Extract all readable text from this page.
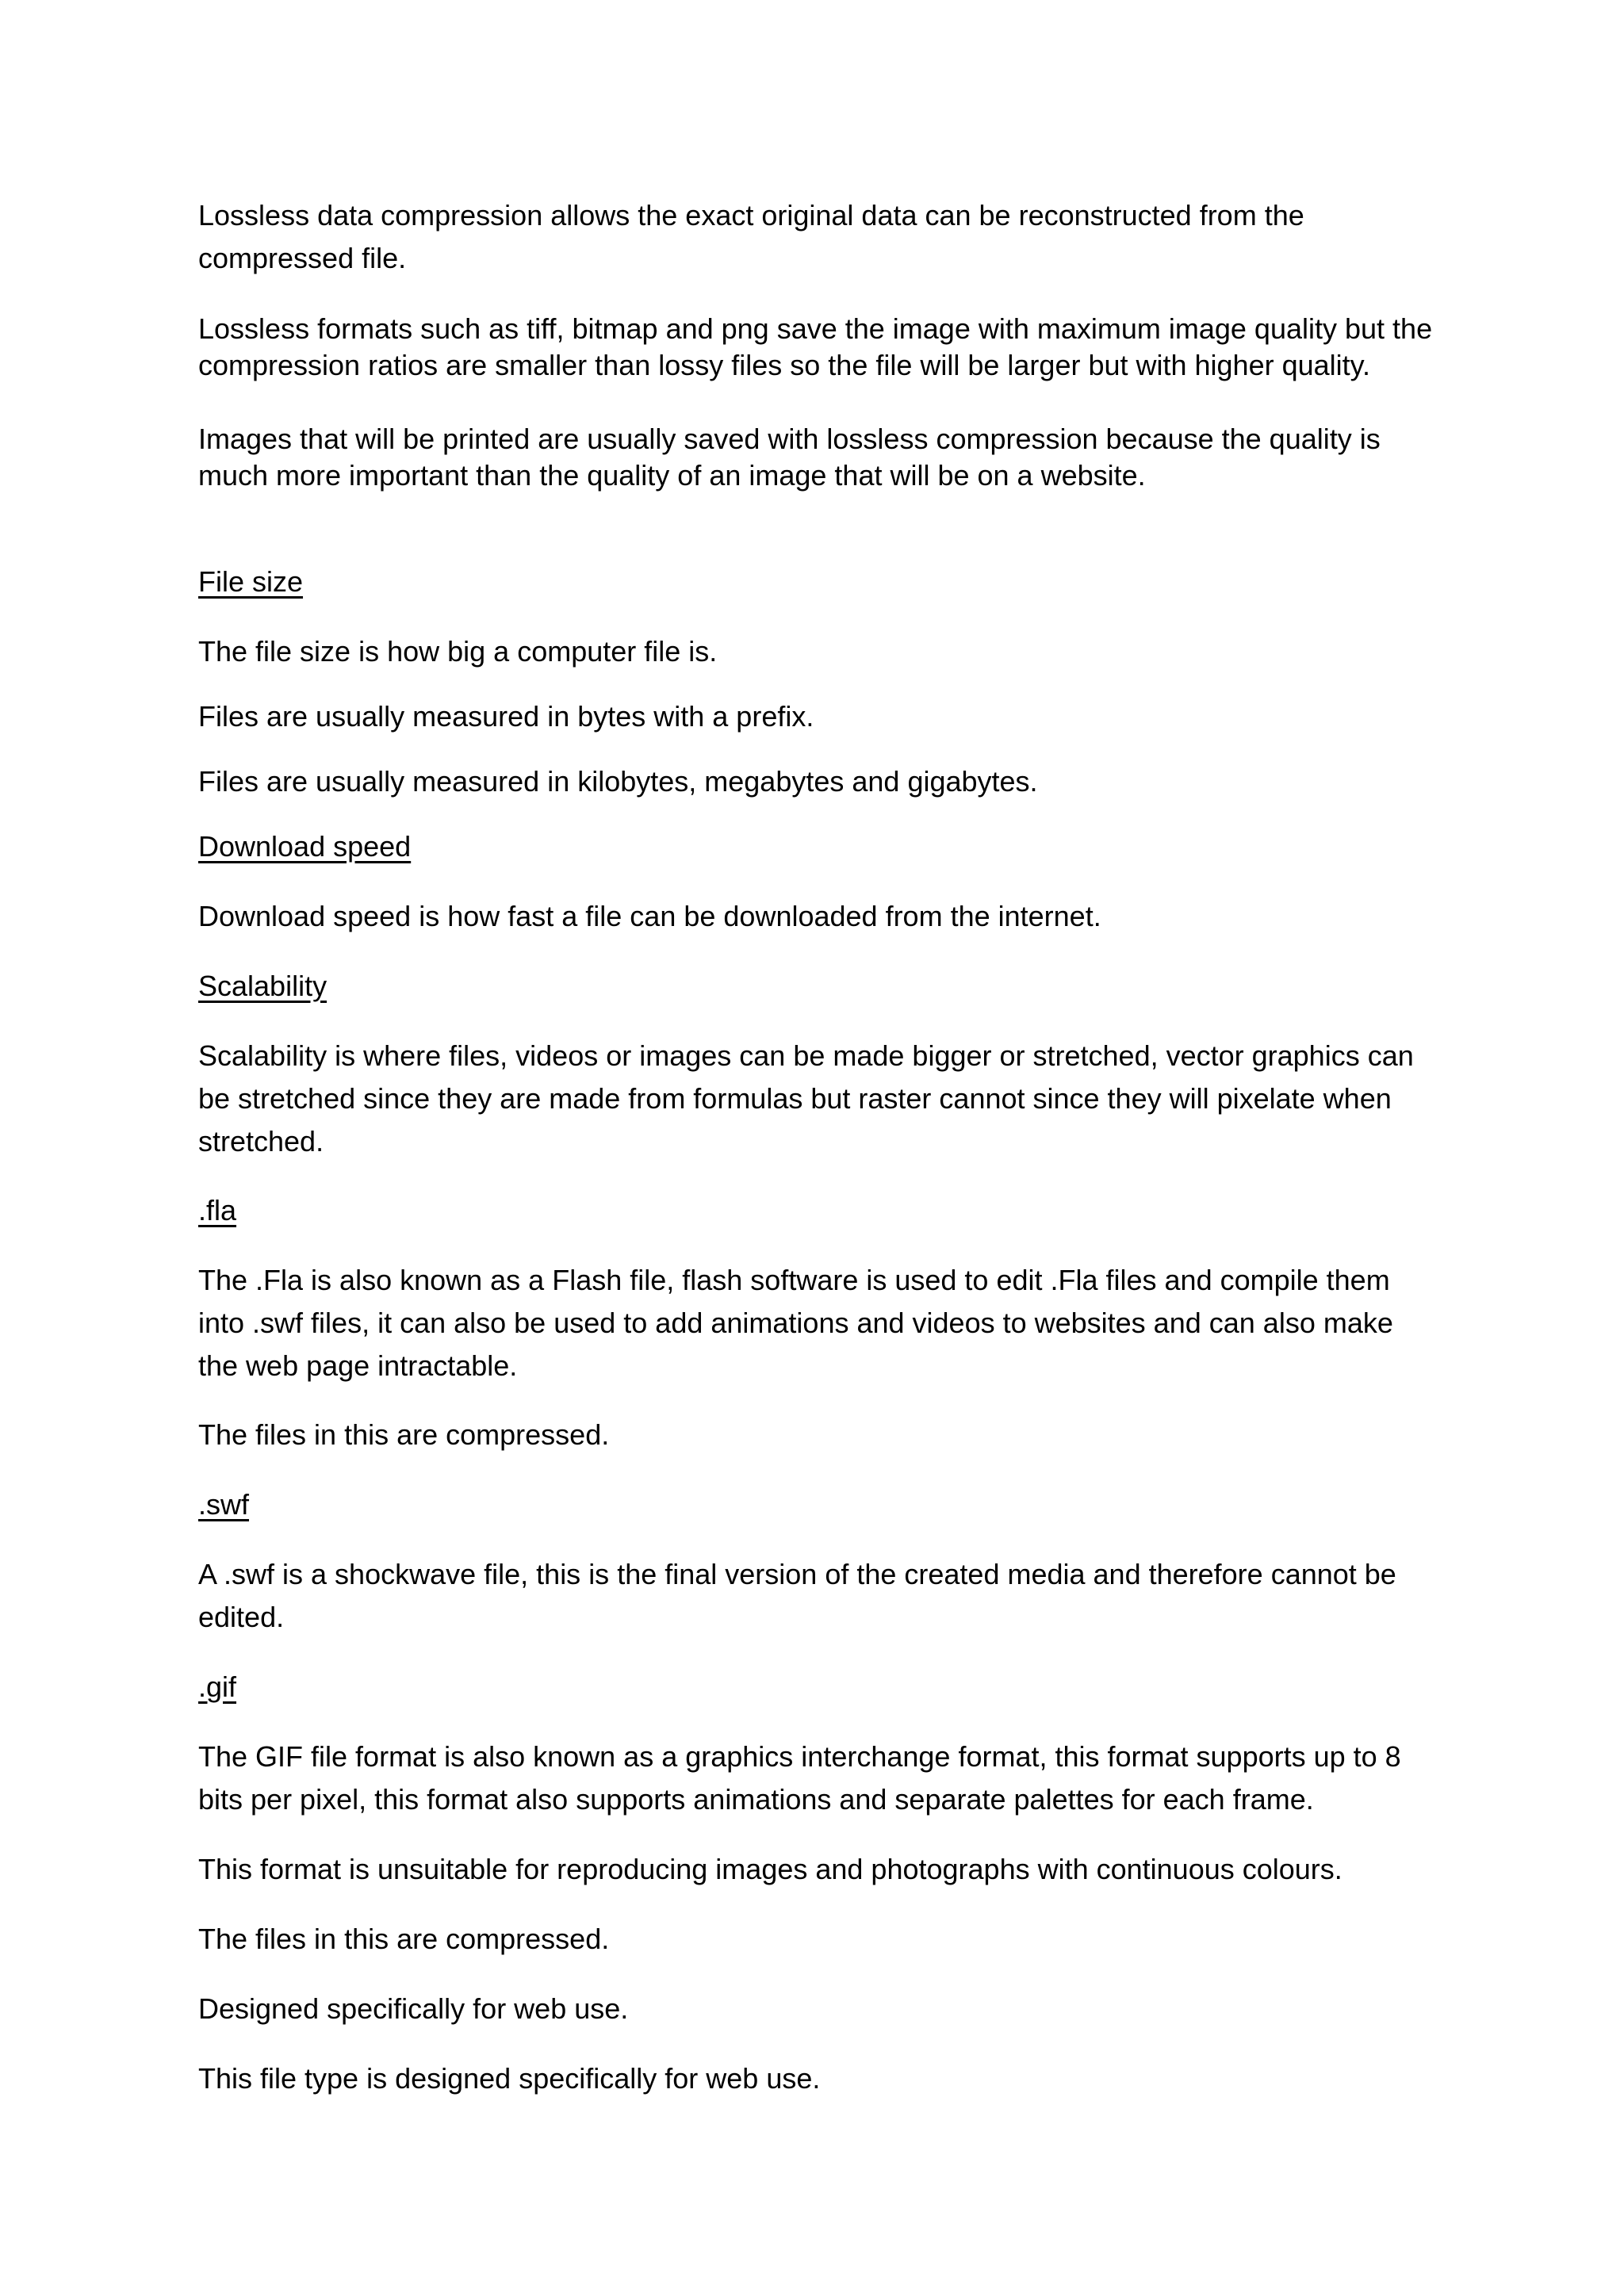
Lossless data compression allows the exact original data can be reconstructed from the compressed file.

Lossless formats such as tiff, bitmap and png save the image with maximum image quality but the compression ratios are smaller than lossy files so the file will be larger but with higher quality.

Images that will be printed are usually saved with lossless compression because the quality is much more important than the quality of an image that will be on a website.

File size

The file size is how big a computer file is.

Files are usually measured in bytes with a prefix.

Files are usually measured in kilobytes, megabytes and gigabytes.

Download speed

Download speed is how fast a file can be downloaded from the internet.

Scalability

Scalability is where files, videos or images can be made bigger or stretched, vector graphics can be stretched since they are made from formulas but raster cannot since they will pixelate when stretched.

.fla

The .Fla is also known as a Flash file, flash software is used to edit .Fla files and compile them into .swf files, it can also be used to add animations and videos to websites and can also make the web page intractable.

The files in this are compressed.

.swf

A .swf is a shockwave file, this is the final version of the created media and therefore cannot be edited.

.gif

The GIF file format is also known as a graphics interchange format, this format supports up to 8 bits per pixel, this format also supports animations and separate palettes for each frame.

This format is unsuitable for reproducing images and photographs with continuous colours.

The files in this are compressed.

Designed specifically for web use.

This file type is designed specifically for web use.
